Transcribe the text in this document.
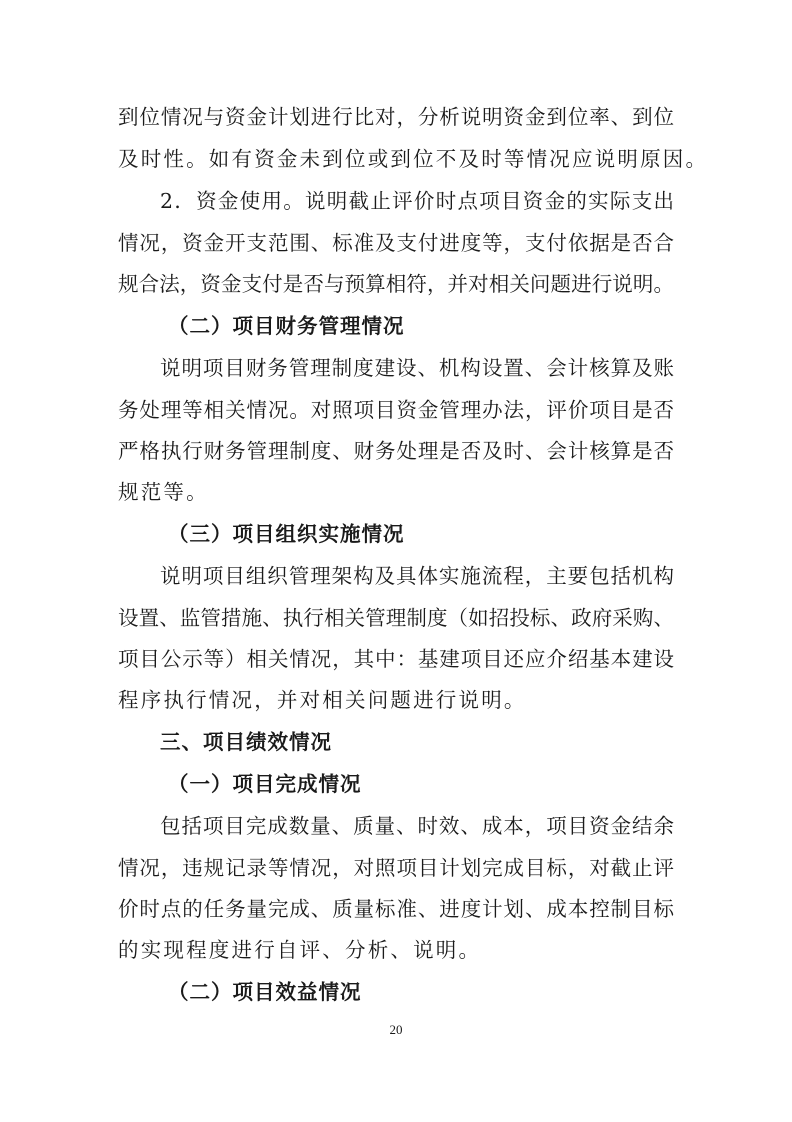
到位情况与资金计划进行比对，分析说明资金到位率、到位
及时性。如有资金未到位或到位不及时等情况应说明原因。
2．资金使用。说明截止评价时点项目资金的实际支出
情况，资金开支范围、标准及支付进度等，支付依据是否合
规合法，资金支付是否与预算相符，并对相关问题进行说明。
（二）项目财务管理情况
说明项目财务管理制度建设、机构设置、会计核算及账
务处理等相关情况。对照项目资金管理办法，评价项目是否
严格执行财务管理制度、财务处理是否及时、会计核算是否
规范等。
（三）项目组织实施情况
说明项目组织管理架构及具体实施流程，主要包括机构
设置、监管措施、执行相关管理制度（如招投标、政府采购、
项目公示等）相关情况，其中：基建项目还应介绍基本建设
程序执行情况，并对相关问题进行说明。
三、项目绩效情况
（一）项目完成情况
包括项目完成数量、质量、时效、成本，项目资金结余
情况，违规记录等情况，对照项目计划完成目标，对截止评
价时点的任务量完成、质量标准、进度计划、成本控制目标
的实现程度进行自评、分析、说明。
（二）项目效益情况
20
